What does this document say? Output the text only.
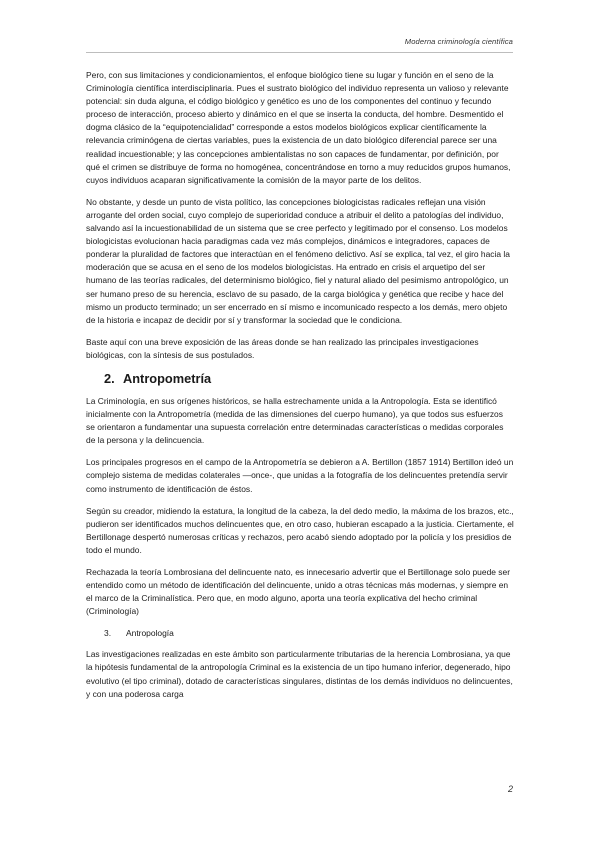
Moderna criminología científica

Pero, con sus limitaciones y condicionamientos, el enfoque biológico tiene su lugar y función en el seno de la Criminología científica interdisciplinaria. Pues el sustrato biológico del individuo representa un valioso y relevante potencial: sin duda alguna, el código biológico y genético es uno de los componentes del continuo y fecundo proceso de interacción, proceso abierto y dinámico en el que se inserta la conducta, del hombre. Desmentido el dogma clásico de la “equipotencialidad” corresponde a estos modelos biológicos explicar científicamente la relevancia criminógena de ciertas variables, pues la existencia de un dato biológico diferencial parece ser una realidad incuestionable; y las concepciones ambientalistas no son capaces de fundamentar, por definición, por qué el crimen se distribuye de forma no homogénea, concentrándose en torno a muy reducidos grupos humanos, cuyos individuos acaparan significativamente la comisión de la mayor parte de los delitos.

No obstante, y desde un punto de vista político, las concepciones biologicistas radicales reflejan una visión arrogante del orden social, cuyo complejo de superioridad conduce a atribuir el delito a patologías del individuo, salvando así la incuestionabilidad de un sistema que se cree perfecto y legitimado por el consenso. Los modelos biologicistas evolucionan hacia paradigmas cada vez más complejos, dinámicos e integradores, capaces de ponderar la pluralidad de factores que interactúan en el fenómeno delictivo. Así se explica, tal vez, el giro hacia la moderación que se acusa en el seno de los modelos biologicistas. Ha entrado en crisis el arquetipo del ser humano de las teorías radicales, del determinismo biológico, fiel y natural aliado del pesimismo antropológico, un ser humano preso de su herencia, esclavo de su pasado, de la carga biológica y genética que recibe y hace del mismo un producto terminado; un ser encerrado en sí mismo e incomunicado respecto a los demás, mero objeto de la historia e incapaz de decidir por sí y transformar la sociedad que le condiciona.

Baste aquí con una breve exposición de las áreas donde se han realizado las principales investigaciones biológicas, con la síntesis de sus postulados.

2. Antropometría

La Criminología, en sus orígenes históricos, se halla estrechamente unida a la Antropología. Esta se identificó inicialmente con la Antropometría (medida de las dimensiones del cuerpo humano), ya que todos sus esfuerzos se orientaron a fundamentar una supuesta correlación entre determinadas características o medidas corporales de la persona y la delincuencia.

Los principales progresos en el campo de la Antropometría se debieron a A. Bertillon (1857 1914) Bertillon ideó un complejo sistema de medidas colaterales —once-, que unidas a la fotografía de los delincuentes pretendía servir como instrumento de identificación de éstos.

Según su creador, midiendo la estatura, la longitud de la cabeza, la del dedo medio, la máxima de los brazos, etc., pudieron ser identificados muchos delincuentes que, en otro caso, hubieran escapado a la justicia. Ciertamente, el Bertillonage despertó numerosas críticas y rechazos, pero acabó siendo adoptado por la policía y los presidios de todo el mundo.

Rechazada la teoría Lombrosiana del delincuente nato, es innecesario advertir que el Bertillonage solo puede ser entendido como un método de identificación del delincuente, unido a otras técnicas más modernas, y siempre en el marco de la Criminalística. Pero que, en modo alguno, aporta una teoría explicativa del hecho criminal (Criminología)

3.	Antropología

Las investigaciones realizadas en este ámbito son particularmente tributarias de la herencia Lombrosiana, ya que la hipótesis fundamental de la antropología Criminal es la existencia de un tipo humano inferior, degenerado, hipo evolutivo (el tipo criminal), dotado de características singulares, distintas de los demás individuos no delincuentes, y con una poderosa carga

2
